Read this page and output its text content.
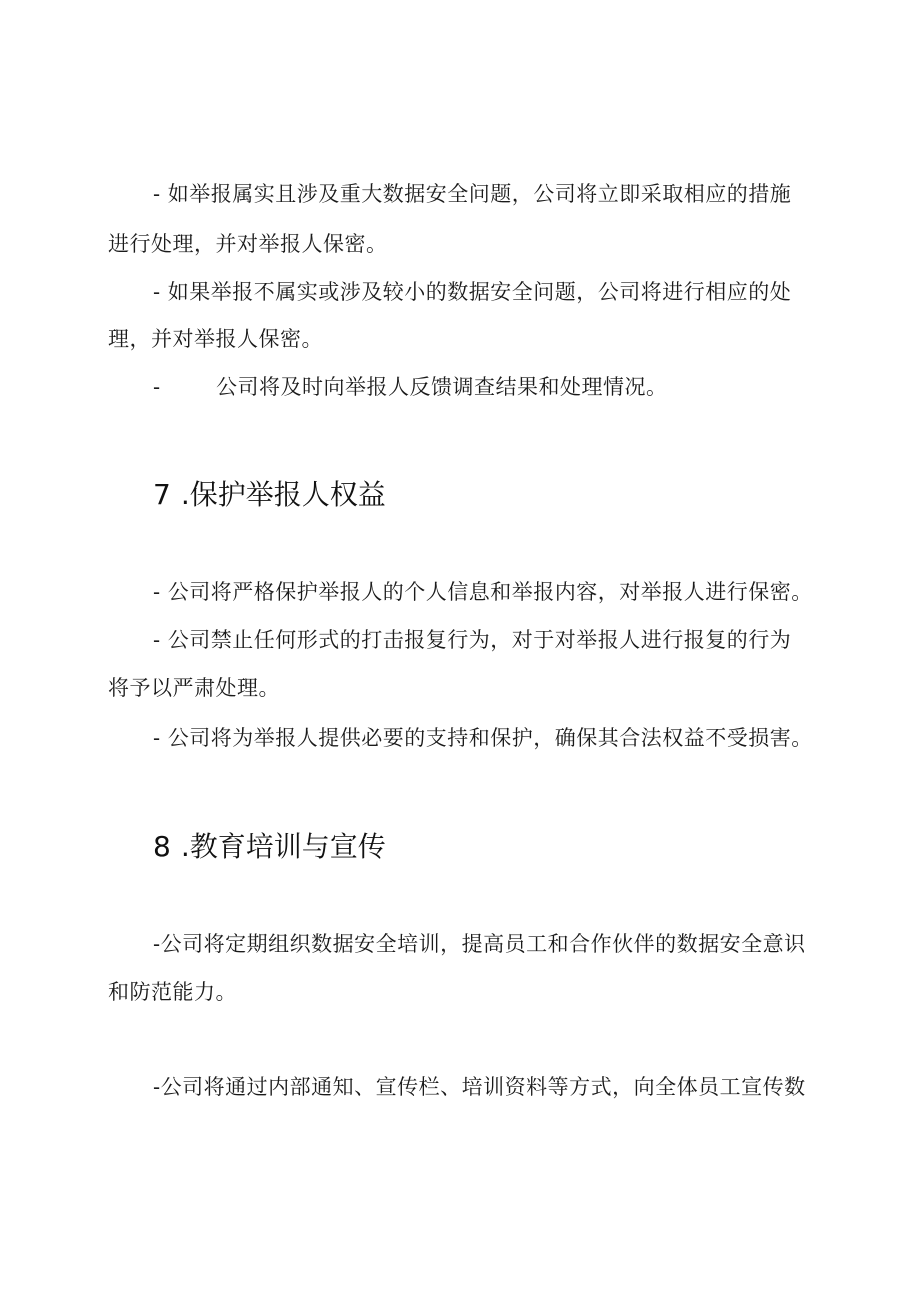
- 如举报属实且涉及重大数据安全问题，公司将立即采取相应的措施
进行处理，并对举报人保密。
- 如果举报不属实或涉及较小的数据安全问题，公司将进行相应的处
理，并对举报人保密。
-	公司将及时向举报人反馈调查结果和处理情况。
7 .保护举报人权益
- 公司将严格保护举报人的个人信息和举报内容，对举报人进行保密。
- 公司禁止任何形式的打击报复行为，对于对举报人进行报复的行为
将予以严肃处理。
- 公司将为举报人提供必要的支持和保护，确保其合法权益不受损害。
8 .教育培训与宣传
-公司将定期组织数据安全培训，提高员工和合作伙伴的数据安全意识
和防范能力。
-公司将通过内部通知、宣传栏、培训资料等方式，向全体员工宣传数
